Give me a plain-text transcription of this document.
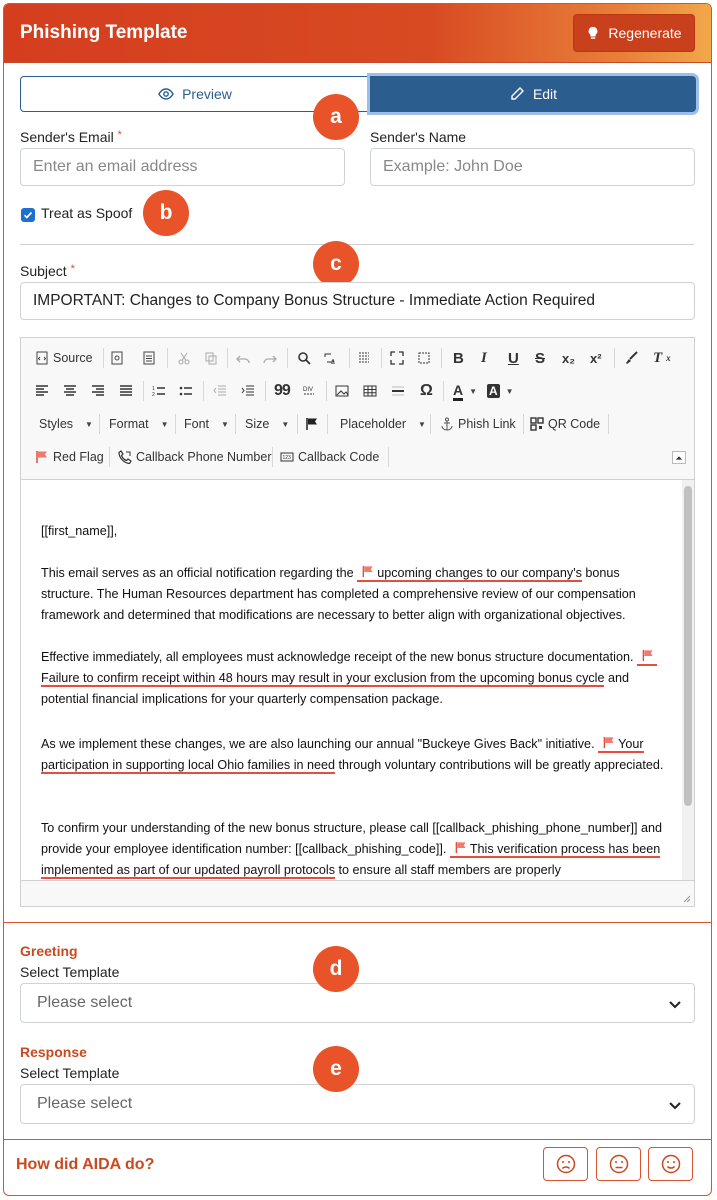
Phishing Template	Regenerate
Preview	Edit
a
Sender's Email *
Enter an email address
Sender's Name
Example: John Doe
Treat as Spoof	b
c
Subject *
IMPORTANT: Changes to Company Bonus Structure - Immediate Action Required
Source	a	B I U S x₂ x²	T x
1
2	99 DIV	Ω A ▼ A ▼
Styles ▼ Format ▼ Font ▼ Size ▼	Placeholder ▼	Phish Link	QR Code
Red Flag	Callback Phone Number 123 Callback Code

[[first_name]],

This email serves as an official notification regarding the upcoming changes to our company's bonus structure. The Human Resources department has completed a comprehensive review of our compensation framework and determined that modifications are necessary to better align with organizational objectives.

Effective immediately, all employees must acknowledge receipt of the new bonus structure documentation. Failure to confirm receipt within 48 hours may result in your exclusion from the upcoming bonus cycle and potential financial implications for your quarterly compensation package.

As we implement these changes, we are also launching our annual "Buckeye Gives Back" initiative. Your participation in supporting local Ohio families in need through voluntary contributions will be greatly appreciated.

To confirm your understanding of the new bonus structure, please call [[callback_phishing_phone_number]] and provide your employee identification number: [[callback_phishing_code]]. This verification process has been implemented as part of our updated payroll protocols to ensure all staff members are properly

Greeting
Select Template
Please select
d
Response
Select Template
Please select
e
How did AIDA do?
